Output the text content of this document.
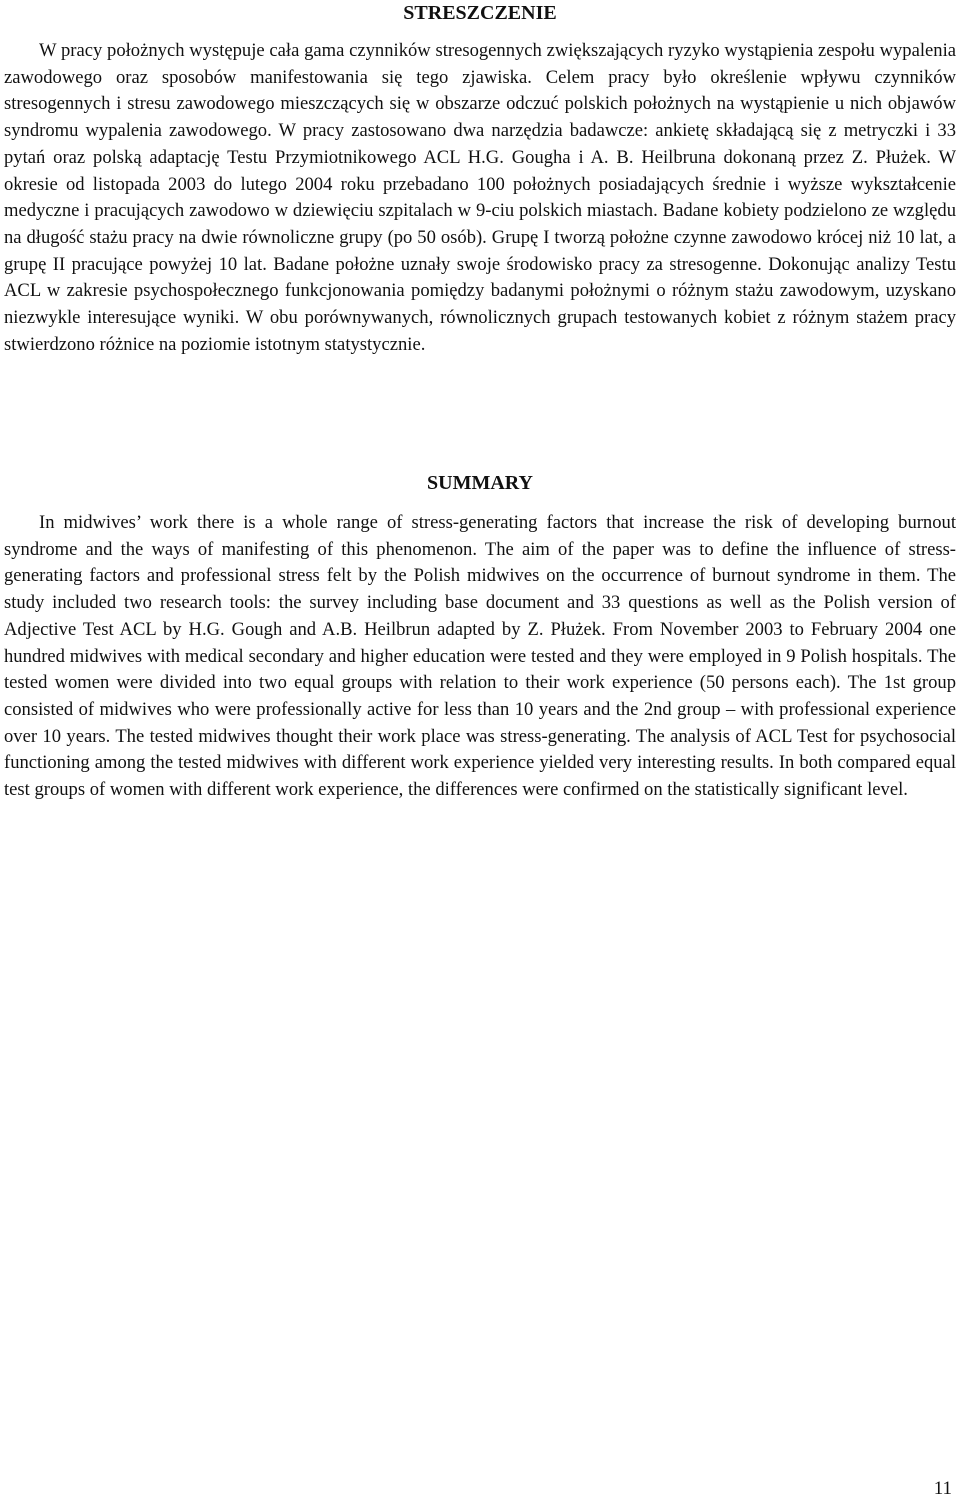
STRESZCZENIE

W pracy położnych występuje cała gama czynników stresogennych zwiększających ryzyko wystąpienia zespołu wypalenia zawodowego oraz sposobów manifestowania się tego zjawiska. Celem pracy było określenie wpływu czynników stresogennych i stresu zawodowego mieszczących się w obszarze odczuć polskich położnych na wystąpienie u nich objawów syndromu wypalenia zawodowego. W pracy zastosowano dwa narzędzia badawcze: ankietę składającą się z metryczki i 33 pytań oraz polską adaptację Testu Przymiotnikowego ACL H.G. Gougha i A. B. Heilbruna dokonaną przez Z. Płużek. W okresie od listopada 2003 do lutego 2004 roku przebadano 100 położnych posiadających średnie i wyższe wykształcenie medyczne i pracujących zawodowo w dziewięciu szpitalach w 9-ciu polskich miastach. Badane kobiety podzielono ze względu na długość stażu pracy na dwie równoliczne grupy (po 50 osób). Grupę I tworzą położne czynne zawodowo krócej niż 10 lat, a grupę II pracujące powyżej 10 lat. Badane położne uznały swoje środowisko pracy za stresogenne. Dokonując analizy Testu ACL w zakresie psychospołecznego funkcjonowania pomiędzy badanymi położnymi o różnym stażu zawodowym, uzyskano niezwykle interesujące wyniki. W obu porównywanych, równolicznych grupach testowanych kobiet z różnym stażem pracy stwierdzono różnice na poziomie istotnym statystycznie.

SUMMARY

In midwives’ work there is a whole range of stress-generating factors that increase the risk of developing burnout syndrome and the ways of manifesting of this phenomenon. The aim of the paper was to define the influence of stress-generating factors and professional stress felt by the Polish midwives on the occurrence of burnout syndrome in them. The study included two research tools: the survey including base document and 33 questions as well as the Polish version of Adjective Test ACL by H.G. Gough and A.B. Heilbrun adapted by Z. Płużek. From November 2003 to February 2004 one hundred midwives with medical secondary and higher education were tested and they were employed in 9 Polish hospitals. The tested women were divided into two equal groups with relation to their work experience (50 persons each). The 1st group consisted of midwives who were professionally active for less than 10 years and the 2nd group – with professional experience over 10 years. The tested midwives thought their work place was stress-generating. The analysis of ACL Test for psychosocial functioning among the tested midwives with different work experience yielded very interesting results. In both compared equal test groups of women with different work experience, the differences were confirmed on the statistically significant level.

11
